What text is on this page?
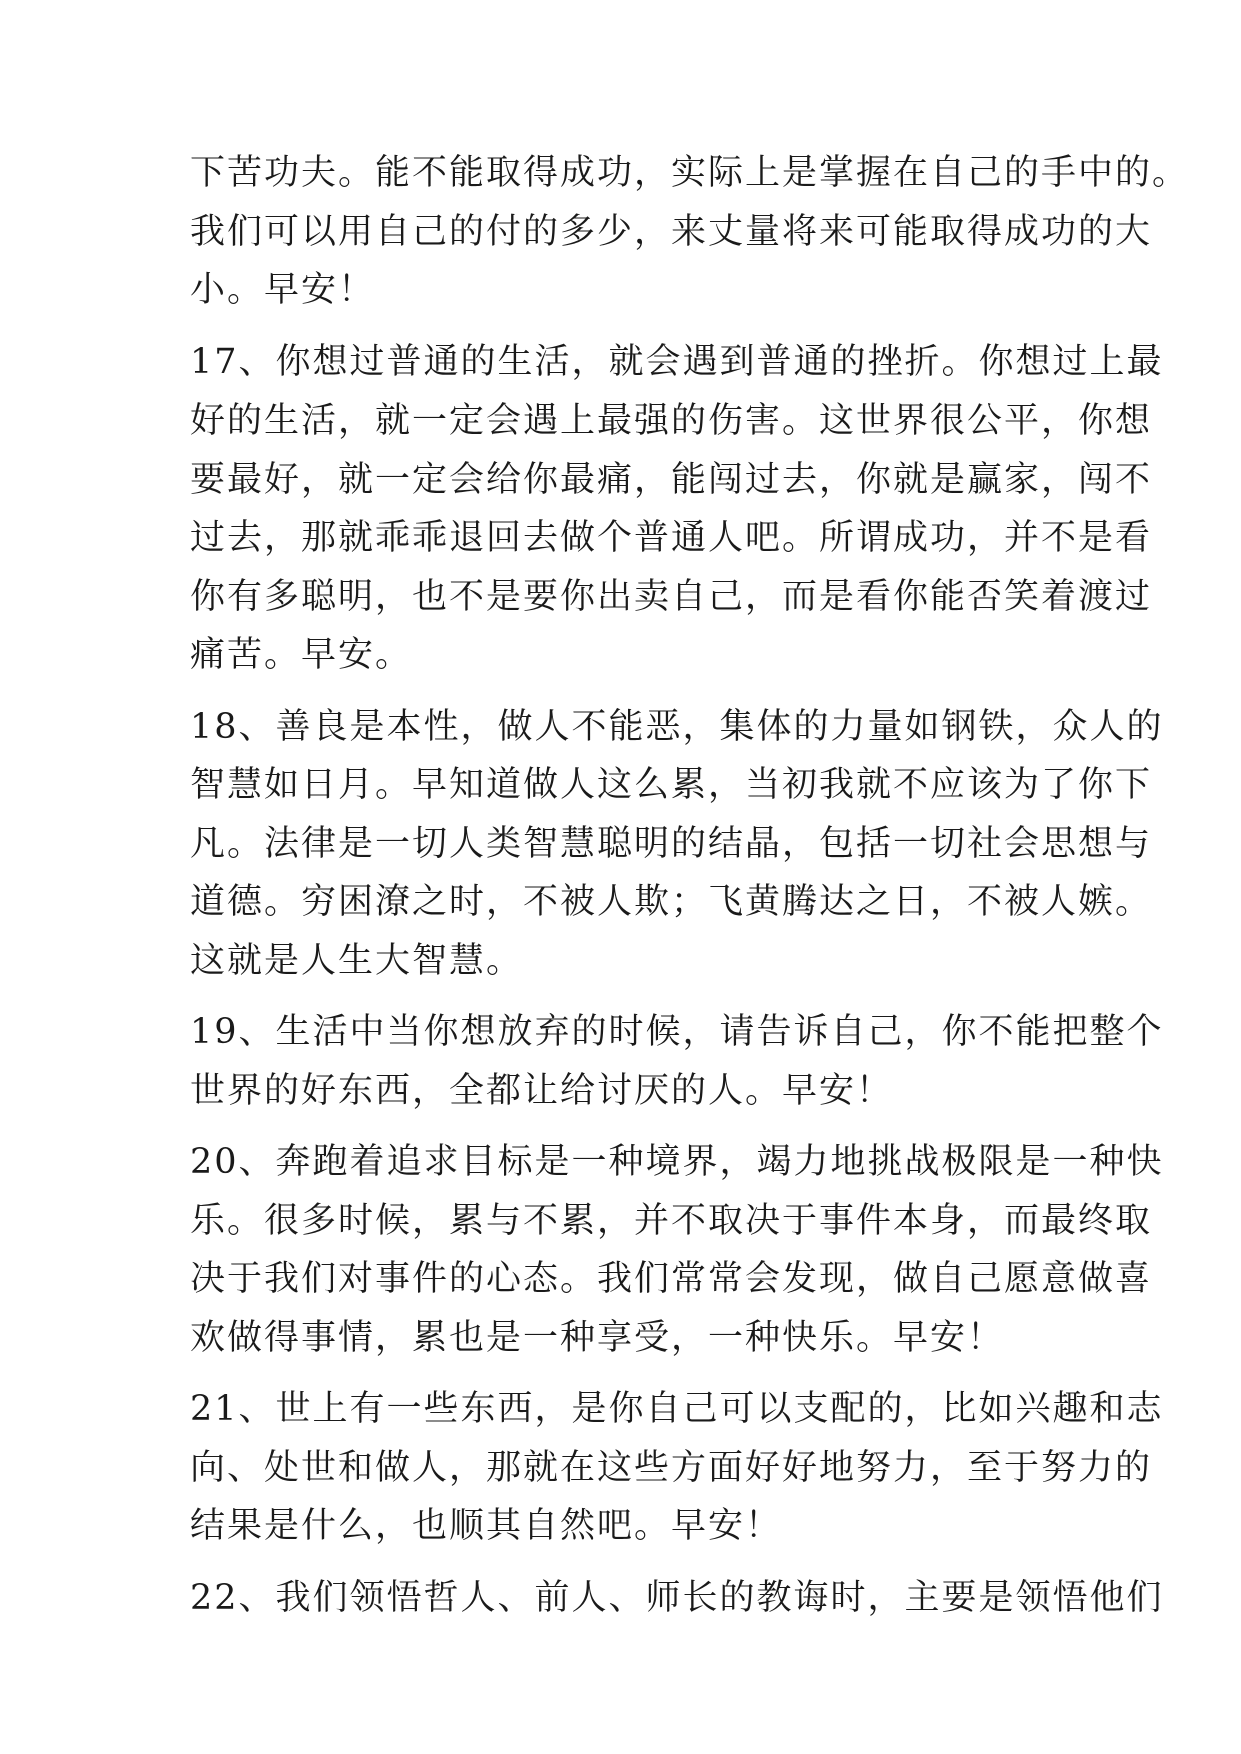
下苦功夫。能不能取得成功，实际上是掌握在自己的手中的。
我们可以用自己的付的多少，来丈量将来可能取得成功的大
小。早安！
17、你想过普通的生活，就会遇到普通的挫折。你想过上最
好的生活，就一定会遇上最强的伤害。这世界很公平，你想
要最好，就一定会给你最痛，能闯过去，你就是赢家，闯不
过去，那就乖乖退回去做个普通人吧。所谓成功，并不是看
你有多聪明，也不是要你出卖自己，而是看你能否笑着渡过
痛苦。早安。
18、善良是本性，做人不能恶，集体的力量如钢铁，众人的
智慧如日月。早知道做人这么累，当初我就不应该为了你下
凡。法律是一切人类智慧聪明的结晶，包括一切社会思想与
道德。穷困潦之时，不被人欺；飞黄腾达之日，不被人嫉。
这就是人生大智慧。
19、生活中当你想放弃的时候，请告诉自己，你不能把整个
世界的好东西，全都让给讨厌的人。早安！
20、奔跑着追求目标是一种境界，竭力地挑战极限是一种快
乐。很多时候，累与不累，并不取决于事件本身，而最终取
决于我们对事件的心态。我们常常会发现，做自己愿意做喜
欢做得事情，累也是一种享受，一种快乐。早安！
21、世上有一些东西，是你自己可以支配的，比如兴趣和志
向、处世和做人，那就在这些方面好好地努力，至于努力的
结果是什么，也顺其自然吧。早安！
22、我们领悟哲人、前人、师长的教诲时，主要是领悟他们
